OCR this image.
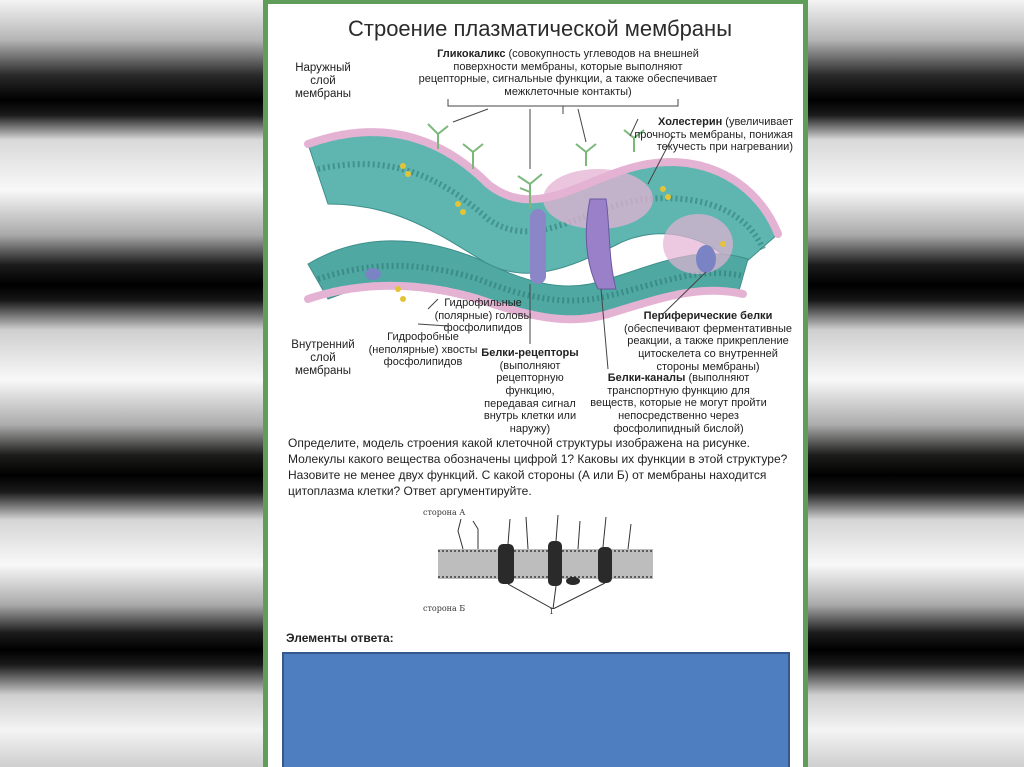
Строение плазматической мембраны
Наружный слой мембраны
Внутренний слой мембраны
Гликокаликс (совокупность углеводов на внешней поверхности мембраны, которые выполняют рецепторные, сигнальные функции, а также обеспечивает межклеточные контакты)
Холестерин (увеличивает прочность мембраны, понижая текучесть при нагревании)
Гидрофильные (полярные) головы фосфолипидов
Гидрофобные (неполярные) хвосты фосфолипидов
Белки-рецепторы (выполняют рецепторную функцию, передавая сигнал внутрь клетки или наружу)
Периферические белки (обеспечивают ферментативные реакции, а также прикрепление цитоскелета со внутренней стороны мембраны)
Белки-каналы (выполняют транспортную функцию для веществ, которые не могут пройти непосредственно через фосфолипидный бислой)
Определите, модель строения какой клеточной структуры изображена на рисунке. Молекулы какого вещества обозначены цифрой 1? Каковы их функции в этой структуре? Назовите не менее двух функций. С какой стороны (А или Б) от мембраны находится цитоплазма клетки? Ответ аргументируйте.
сторона А
сторона Б	1
Элементы ответа:
